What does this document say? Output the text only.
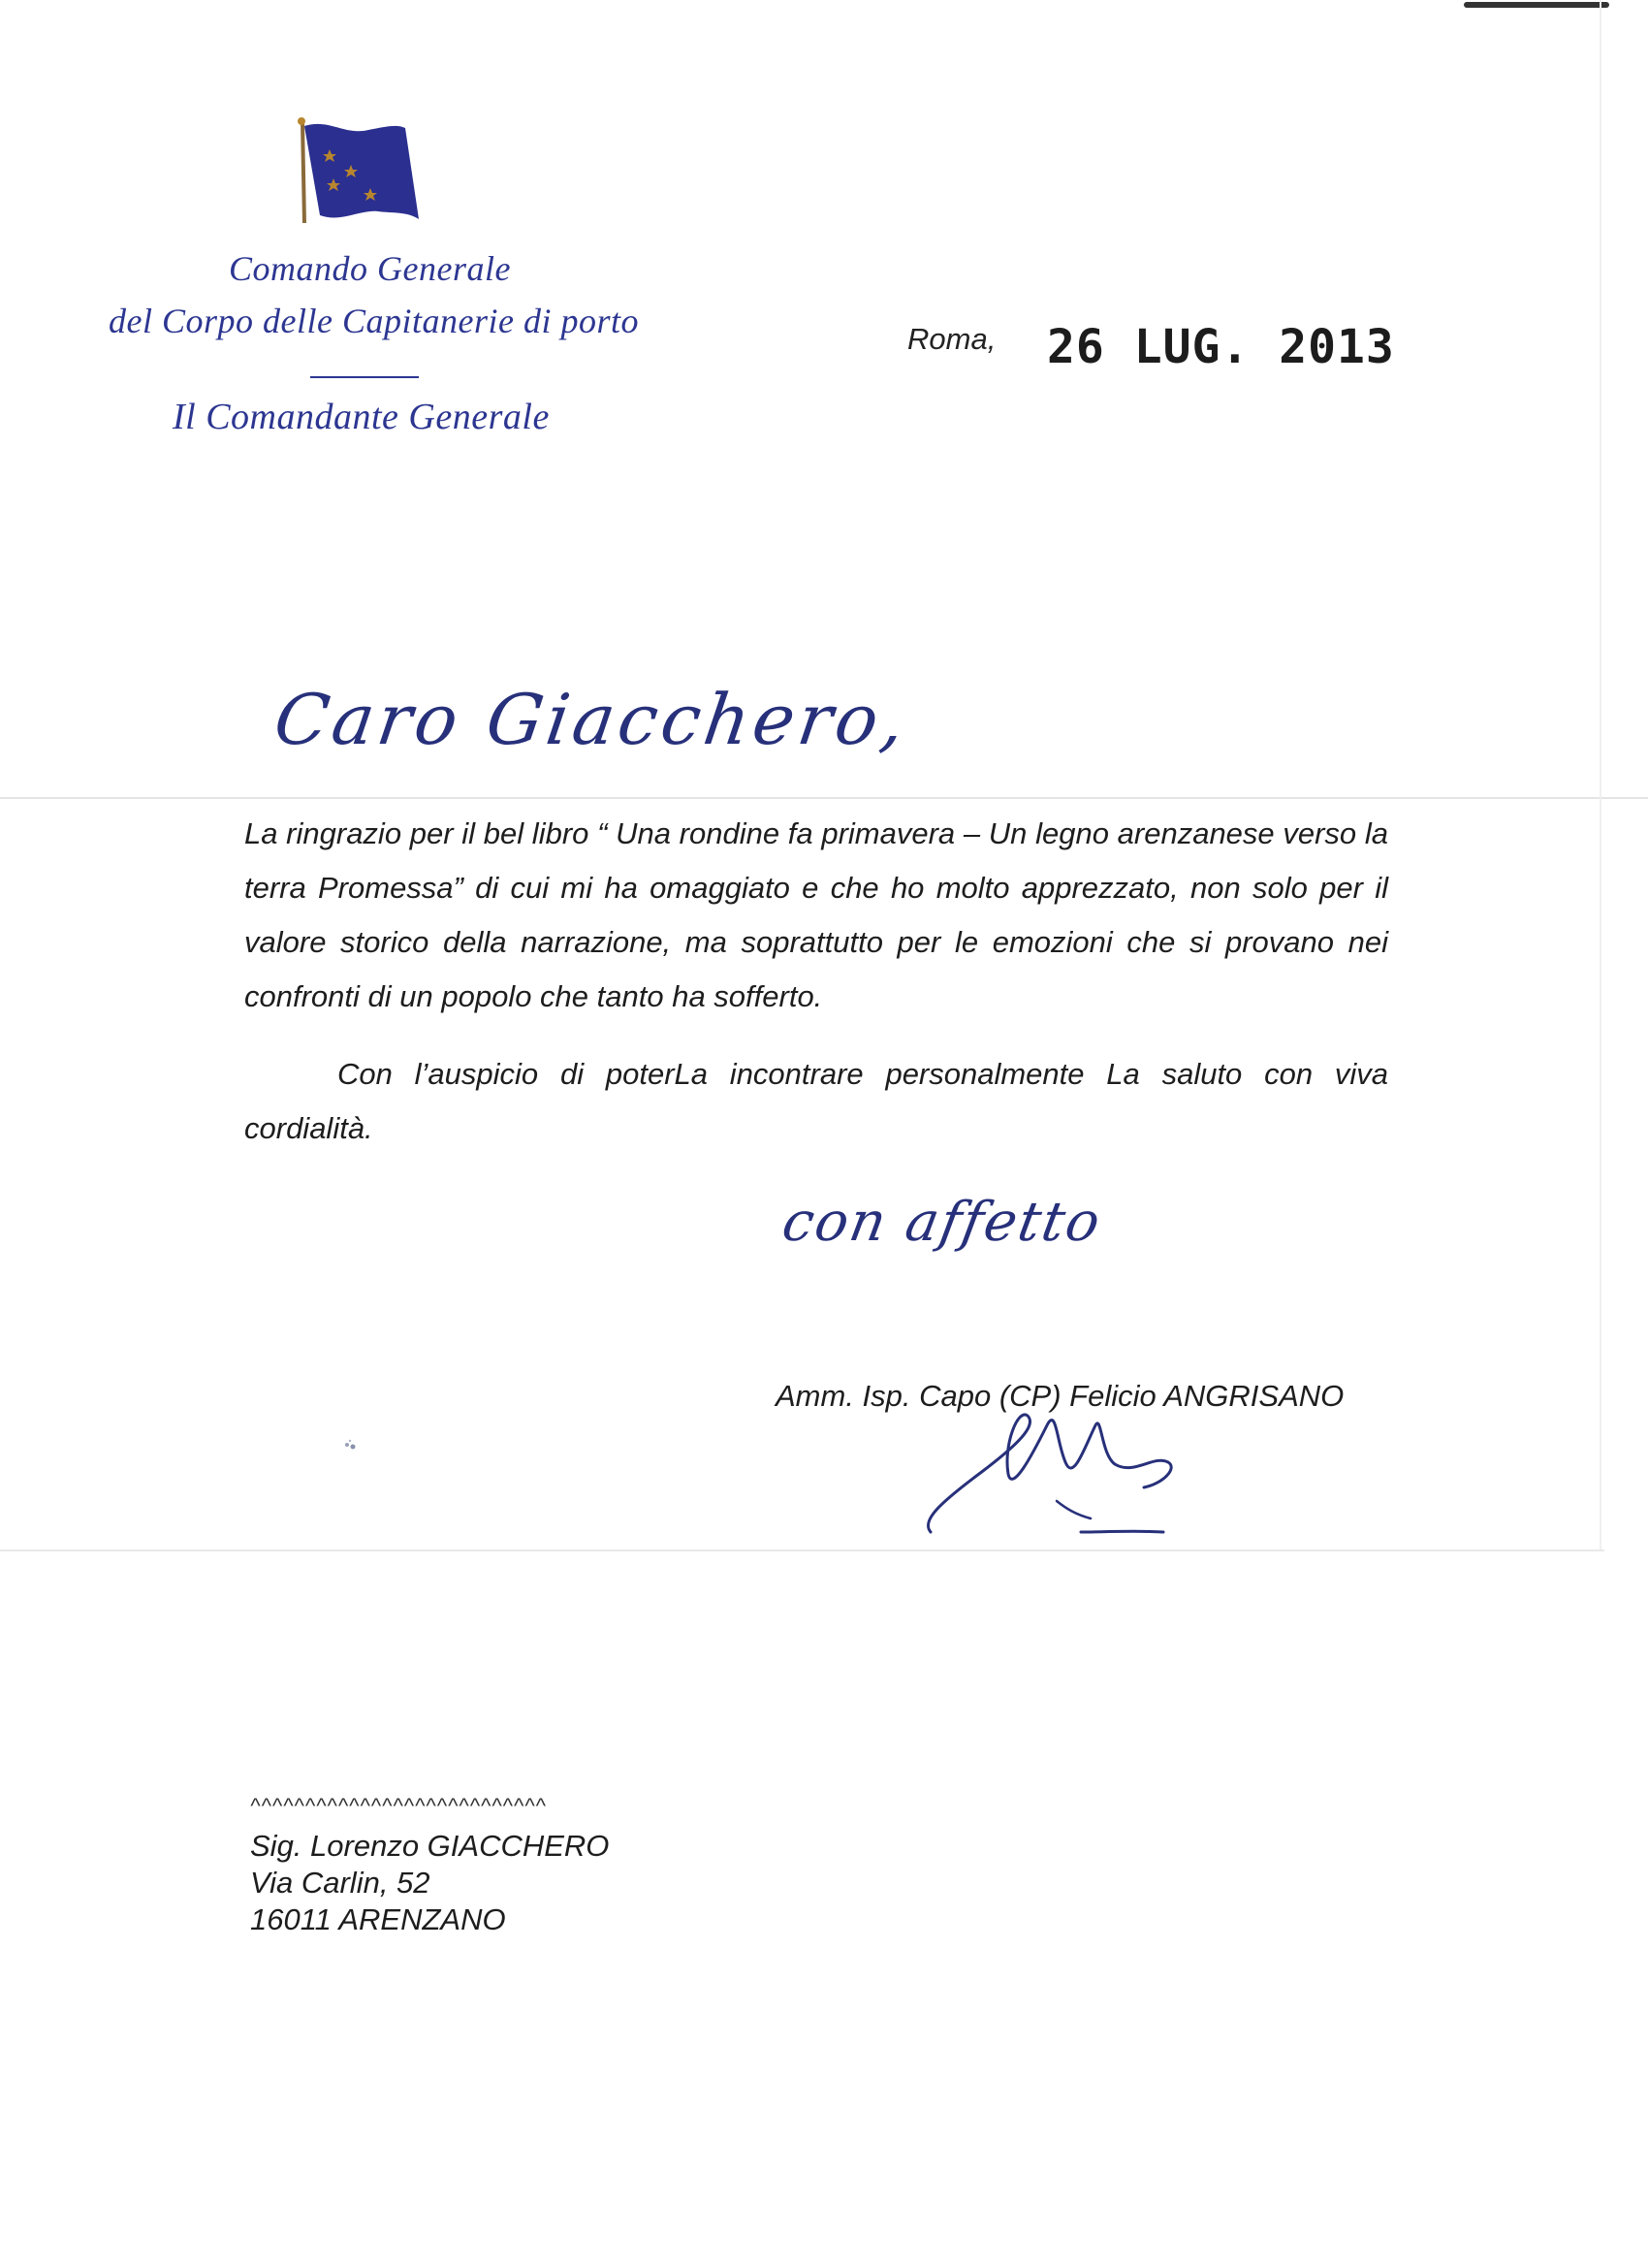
Comando Generale
del Corpo delle Capitanerie di porto
Il Comandante Generale
Roma, 26 LUG. 2013
Caro Giacchero,
La ringrazio per il bel libro “ Una rondine fa primavera – Un legno arenzanese verso la terra Promessa” di cui mi ha omaggiato e che ho molto apprezzato, non solo per il valore storico della narrazione, ma soprattutto per le emozioni che si provano nei confronti di un popolo che tanto ha sofferto.
Con l’auspicio di poterLa incontrare personalmente La saluto con viva cordialità.
con affetto
Amm. Isp. Capo (CP) Felicio ANGRISANO
^^^^^^^^^^^^^^^^^^^^^^^^^^^
Sig. Lorenzo GIACCHERO
Via Carlin, 52
16011 ARENZANO
